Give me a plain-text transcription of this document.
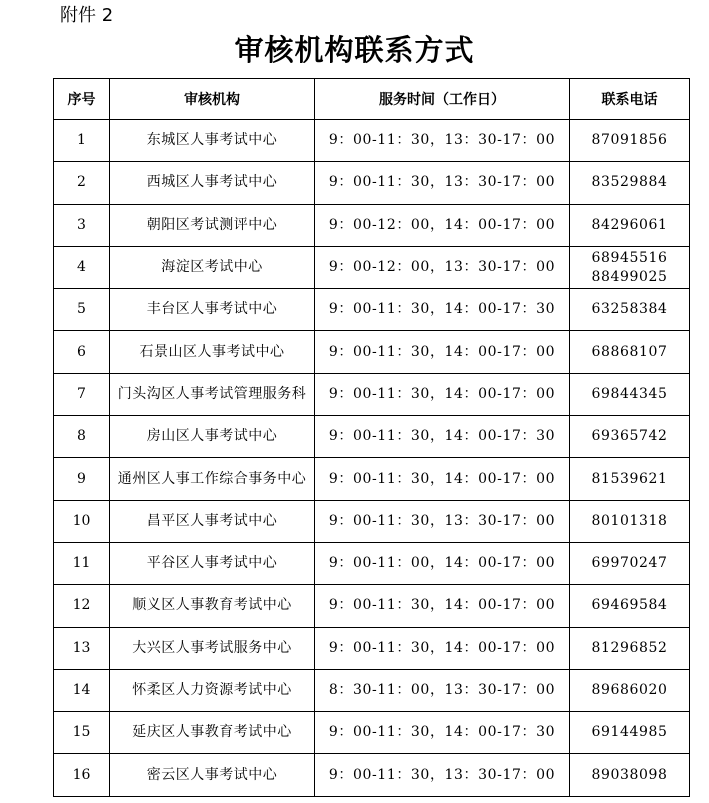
附件 2
审核机构联系方式
序号	审核机构	服务时间（工作日）	联系电话
1	东城区人事考试中心	9：00-11：30，13：30-17：00	87091856

2	西城区人事考试中心	9：00-11：30，13：30-17：00	83529884

3	朝阳区考试测评中心	9：00-12：00，14：00-17：00	84296061

4	海淀区考试中心	9：00-12：00，13：30-17：00	68945516
88499025

5	丰台区人事考试中心	9：00-11：30，14：00-17：30	63258384

6	石景山区人事考试中心	9：00-11：30，14：00-17：00	68868107

7	门头沟区人事考试管理服务科	9：00-11：30，14：00-17：00	69844345

8	房山区人事考试中心	9：00-11：30，14：00-17：30	69365742

9	通州区人事工作综合事务中心	9：00-11：30，14：00-17：00	81539621

10	昌平区人事考试中心	9：00-11：30，13：30-17：00	80101318

11	平谷区人事考试中心	9：00-11：00，14：00-17：00	69970247

12	顺义区人事教育考试中心	9：00-11：30，14：00-17：00	69469584

13	大兴区人事考试服务中心	9：00-11：30，14：00-17：00	81296852

14	怀柔区人力资源考试中心	8：30-11：00，13：30-17：00	89686020

15	延庆区人事教育考试中心	9：00-11：30，14：00-17：30	69144985

16	密云区人事考试中心	9：00-11：30，13：30-17：00	89038098
